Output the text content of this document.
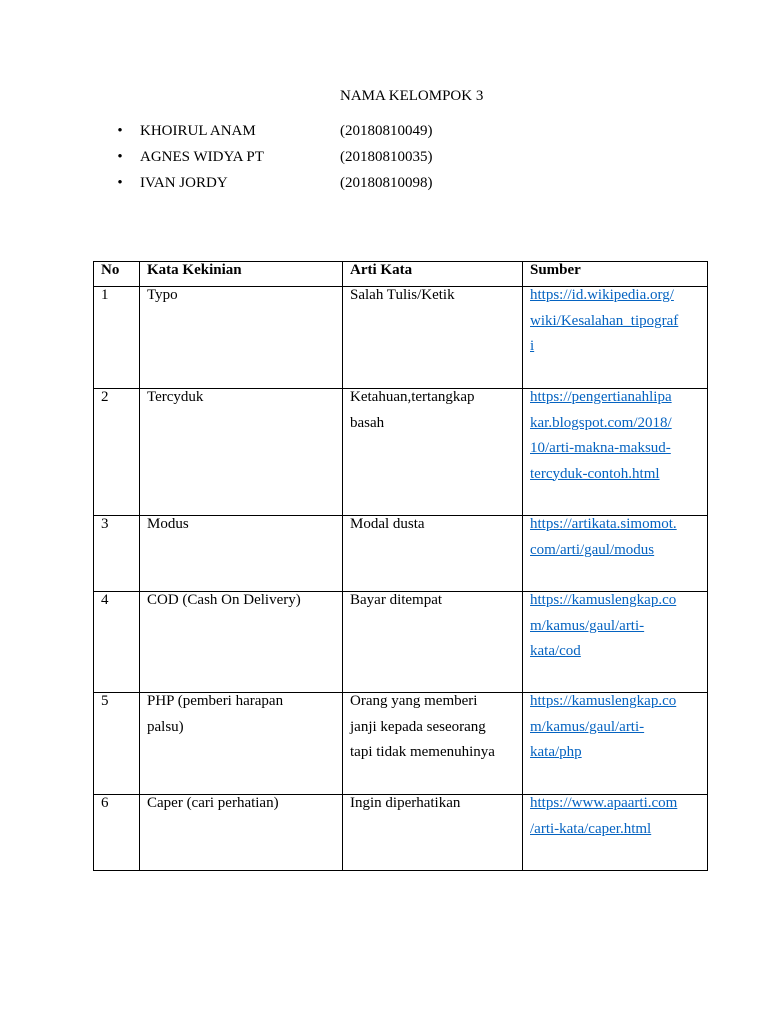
NAMA KELOMPOK 3
•
KHOIRUL ANAM	(20180810049)
•
AGNES WIDYA PT	(20180810035)
•
IVAN JORDY	(20180810098)
No	Kata Kekinian	Arti Kata	Sumber

1	Typo	Salah Tulis/Ketik	https://id.wikipedia.org/
wiki/Kesalahan_tipograf
i

2	Tercyduk	Ketahuan,tertangkap
basah	https://pengertianahlipa
kar.blogspot.com/2018/
10/arti-makna-maksud-
tercyduk-contoh.html

3	Modus	Modal dusta	https://artikata.simomot.
com/arti/gaul/modus

4	COD (Cash On Delivery)	Bayar ditempat	https://kamuslengkap.co
m/kamus/gaul/arti-
kata/cod

5	PHP (pemberi harapan
palsu)	Orang yang memberi
janji kepada seseorang
tapi tidak memenuhinya	https://kamuslengkap.co
m/kamus/gaul/arti-
kata/php

6	Caper (cari perhatian)	Ingin diperhatikan	https://www.apaarti.com
/arti-kata/caper.html
